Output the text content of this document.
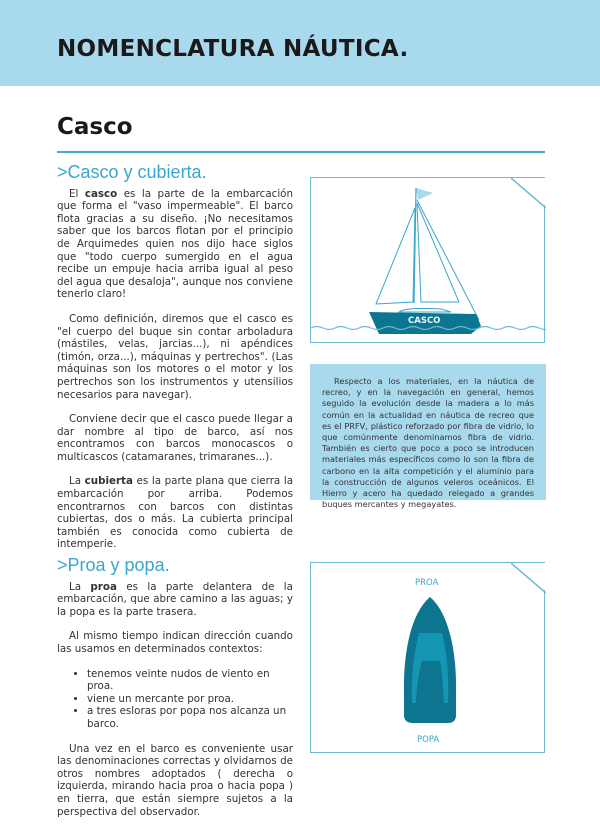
NOMENCLATURA NÁUTICA.
Casco
>Casco y cubierta.

El casco es la parte de la embarcación que forma el "vaso impermeable". El barco flota gracias a su diseño. ¡No necesitamos saber que los barcos flotan por el principio de Arquimedes quien nos dijo hace siglos que "todo cuerpo sumergido en el agua recibe un empuje hacia arriba igual al peso del agua que desaloja", aunque nos conviene tenerlo claro!

Como definición, diremos que el casco es "el cuerpo del buque sin contar arboladura (mástiles, velas, jarcias...), ni apéndices (timón, orza...), máquinas y pertrechos". (Las máquinas son los motores o el motor y los pertrechos son los instrumentos y utensilios necesarios para navegar).

Conviene decir que el casco puede llegar a dar nombre al tipo de barco, así nos encontramos con barcos monocascos o multicascos (catamaranes, trimaranes...).

La cubierta es la parte plana que cierra la embarcación por arriba. Podemos encontrarnos con barcos con distintas cubiertas, dos o más. La cubierta principal también es conocida como cubierta de intemperie.

>Proa y popa.

La proa es la parte delantera de la embarcación, que abre camino a las aguas; y la popa es la parte trasera.

Al mismo tiempo indican dirección cuando las usamos en determinados contextos:

• tenemos veinte nudos de viento en proa.
• viene un mercante por proa.
• a tres esloras por popa nos alcanza un barco.

Una vez en el barco es conveniente usar las denominaciones correctas y olvidarnos de otros nombres adoptados ( derecha o izquierda, mirando hacia proa o hacia popa ) en tierra, que están siempre sujetos a la perspectiva del observador.

CASCO

Respecto a los materiales, en la náutica de recreo, y en la navegación en general, hemos seguido la evolución desde la madera a lo más común en la actualidad en náutica de recreo que es el PRFV, plástico reforzado por fibra de vidrio, lo que comúnmente denominamos fibra de vidrio. También es cierto que poco a poco se introducen materiales más específicos como lo son la fibra de carbono en la alta competición y el aluminio para la construcción de algunos veleros oceánicos. El Hierro y acero ha quedado relegado a grandes buques mercantes y megayates.

PROA
POPA
